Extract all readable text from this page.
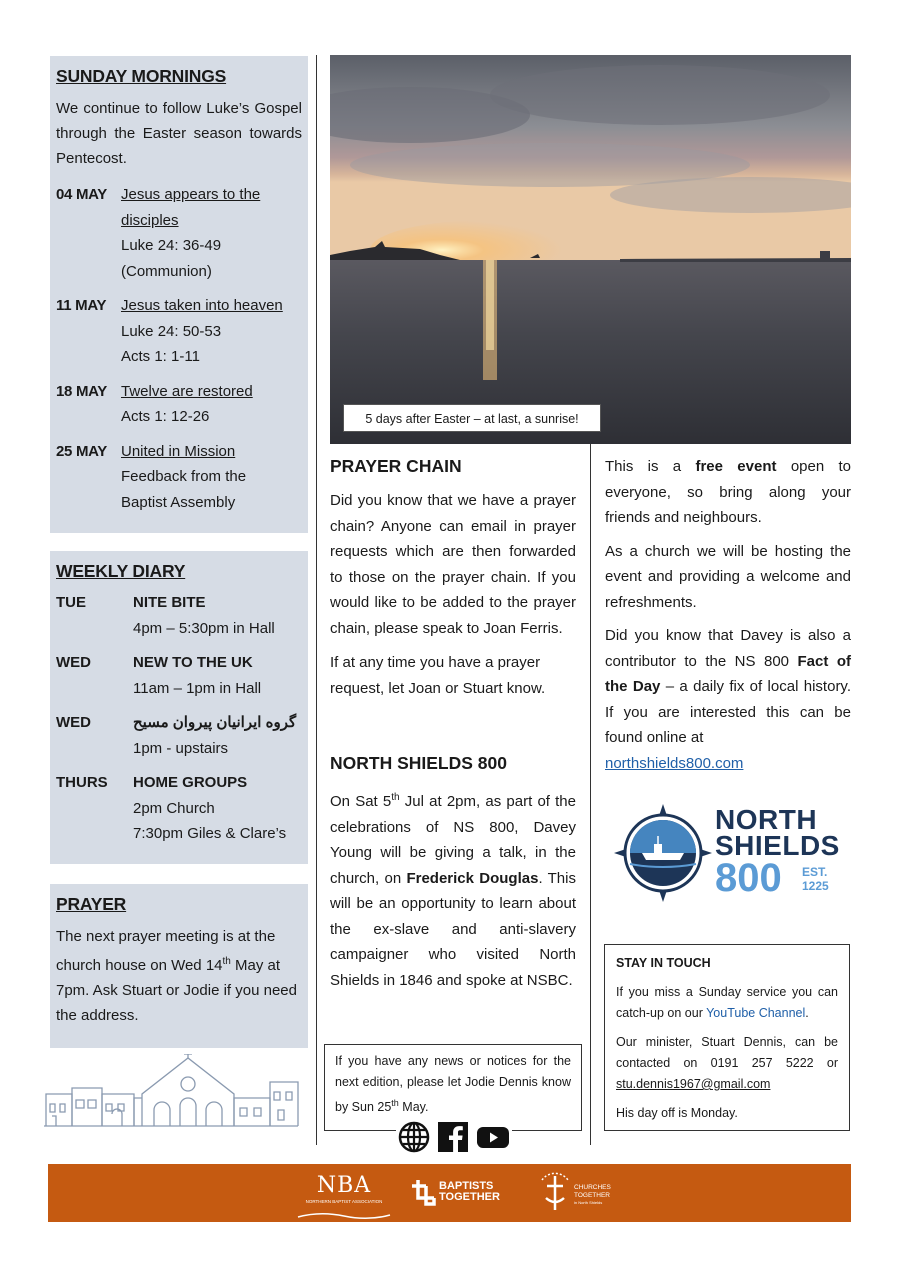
SUNDAY MORNINGS

We continue to follow Luke’s Gospel through the Easter season towards Pentecost.

04 MAY Jesus appears to the disciples
Luke 24: 36-49
(Communion)
11 MAY Jesus taken into heaven
Luke 24: 50-53
Acts 1: 1-11
18 MAY Twelve are restored
Acts 1: 12-26
25 MAY United in Mission
Feedback from the
Baptist Assembly
WEEKLY DIARY
TUE	NITE BITE
4pm – 5:30pm in Hall
WED	NEW TO THE UK
11am – 1pm in Hall
WED	گروه ایرانیان پیروان مسیح
1pm - upstairs
THURS	HOME GROUPS
2pm Church
7:30pm Giles & Clare’s
PRAYER

The next prayer meeting is at the church house on Wed 14th May at 7pm. Ask Stuart or Jodie if you need the address.

5 days after Easter – at last, a sunrise!
PRAYER CHAIN

Did you know that we have a prayer chain? Anyone can email in prayer requests which are then forwarded to those on the prayer chain. If you would like to be added to the prayer chain, please speak to Joan Ferris.

If at any time you have a prayer request, let Joan or Stuart know.

NORTH SHIELDS 800

On Sat 5th Jul at 2pm, as part of the celebrations of NS 800, Davey Young will be giving a talk, in the church, on Frederick Douglas. This will be an opportunity to learn about the ex-slave and anti-slavery campaigner who visited North Shields in 1846 and spoke at NSBC.

If you have any news or notices for the next edition, please let Jodie Dennis know by Sun 25th May.

This is a free event open to everyone, so bring along your friends and neighbours.

As a church we will be hosting the event and providing a welcome and refreshments.

Did you know that Davey is also a contributor to the NS 800 Fact of the Day – a daily fix of local history. If you are interested this can be found online at

northshields800.com

NORTH
SHIELDS
800 EST.
1225
STAY IN TOUCH

If you miss a Sunday service you can catch-up on our YouTube Channel.

Our minister, Stuart Dennis, can be contacted on 0191 257 5222 or stu.dennis1967@gmail.com

His day off is Monday.

NBA
NORTHERN BAPTIST ASSOCIATION
BAPTISTS
TOGETHER
CHURCHES
TOGETHER
in North Shields
